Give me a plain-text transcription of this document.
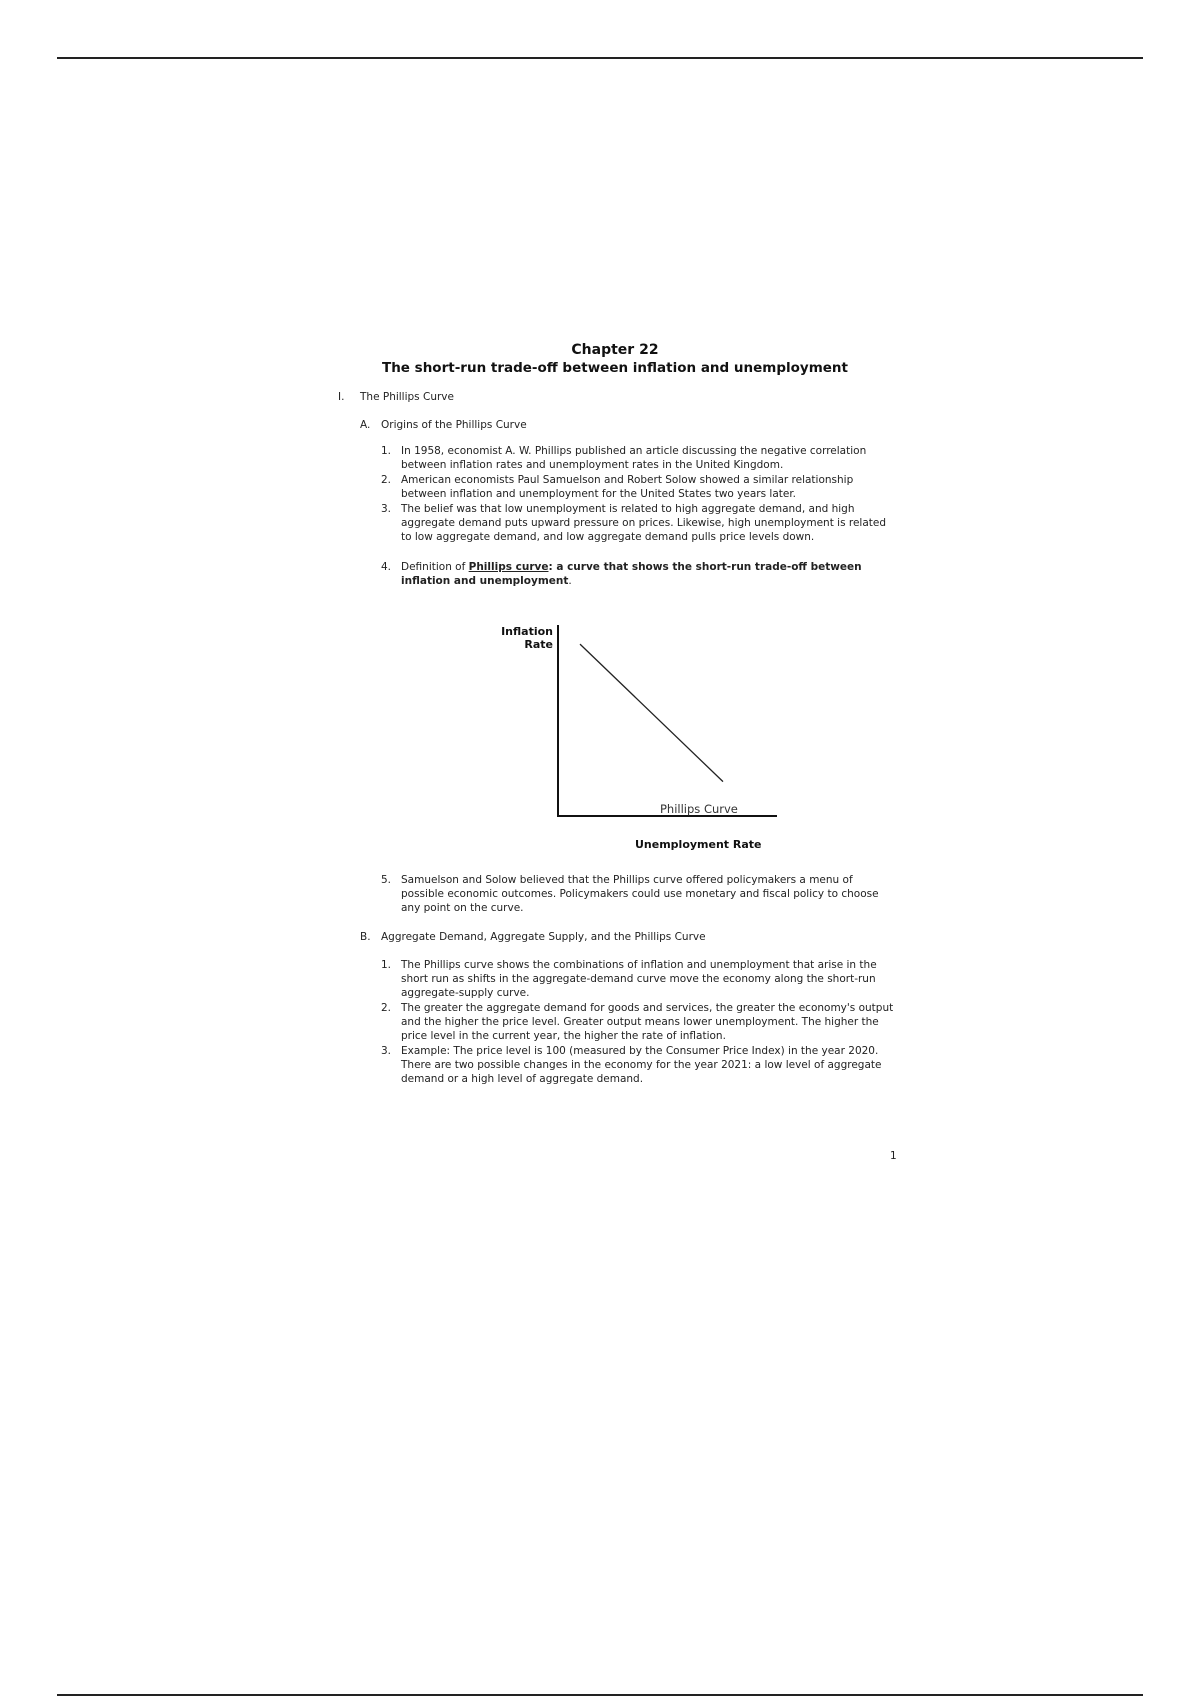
Chapter 22
The short-run trade-off between inflation and unemployment
I. The Phillips Curve
A. Origins of the Phillips Curve
1. In 1958, economist A. W. Phillips published an article discussing the negative correlation
between inflation rates and unemployment rates in the United Kingdom.
2. American economists Paul Samuelson and Robert Solow showed a similar relationship
between inflation and unemployment for the United States two years later.
3. The belief was that low unemployment is related to high aggregate demand, and high
aggregate demand puts upward pressure on prices. Likewise, high unemployment is related
to low aggregate demand, and low aggregate demand pulls price levels down.
4. Definition of Phillips curve: a curve that shows the short-run trade-off between
inflation and unemployment.
Inflation
Rate
Phillips Curve
Unemployment Rate
5. Samuelson and Solow believed that the Phillips curve offered policymakers a menu of
possible economic outcomes. Policymakers could use monetary and fiscal policy to choose
any point on the curve.
B. Aggregate Demand, Aggregate Supply, and the Phillips Curve
1. The Phillips curve shows the combinations of inflation and unemployment that arise in the
short run as shifts in the aggregate-demand curve move the economy along the short-run
aggregate-supply curve.
2. The greater the aggregate demand for goods and services, the greater the economy's output
and the higher the price level. Greater output means lower unemployment. The higher the
price level in the current year, the higher the rate of inflation.
3. Example: The price level is 100 (measured by the Consumer Price Index) in the year 2020.
There are two possible changes in the economy for the year 2021: a low level of aggregate
demand or a high level of aggregate demand.
1
